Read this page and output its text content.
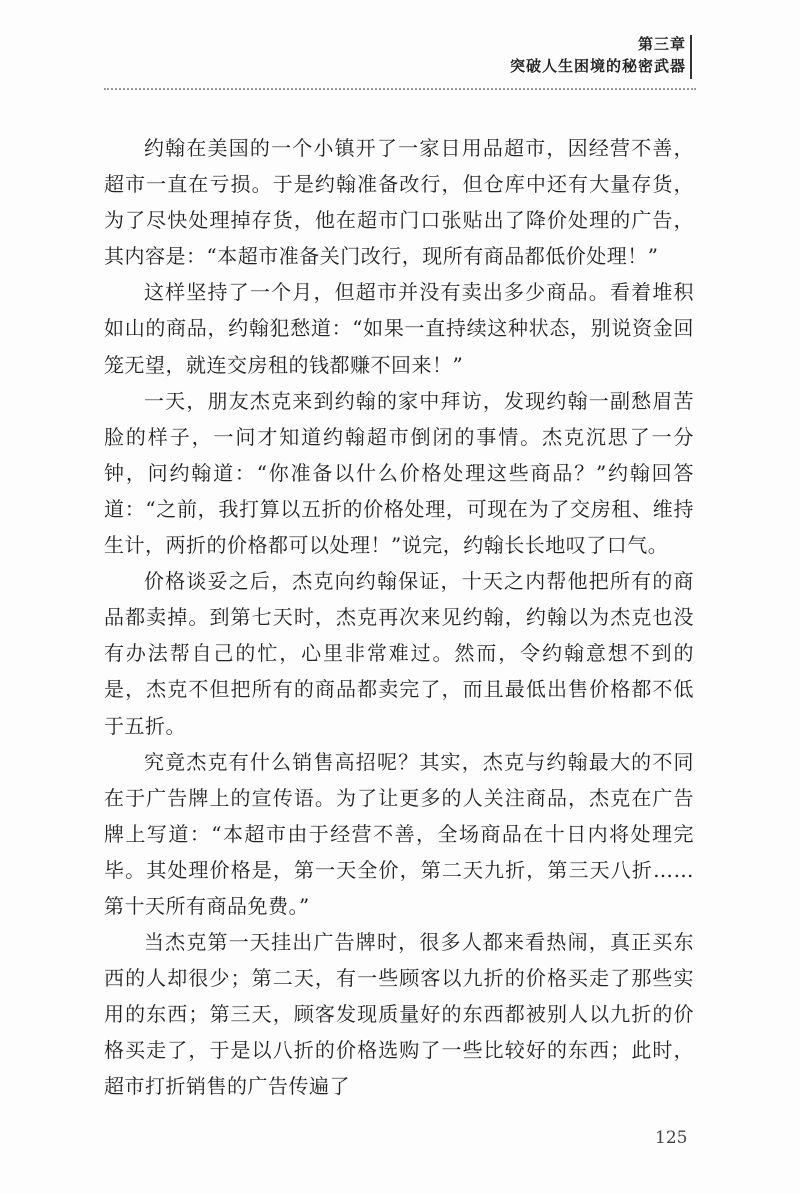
第三章
突破人生困境的秘密武器

约翰在美国的一个小镇开了一家日用品超市，因经营不善，超市一直在亏损。于是约翰准备改行，但仓库中还有大量存货，为了尽快处理掉存货，他在超市门口张贴出了降价处理的广告，其内容是：“本超市准备关门改行，现所有商品都低价处理！”

这样坚持了一个月，但超市并没有卖出多少商品。看着堆积如山的商品，约翰犯愁道：“如果一直持续这种状态，别说资金回笼无望，就连交房租的钱都赚不回来！”

一天，朋友杰克来到约翰的家中拜访，发现约翰一副愁眉苦脸的样子，一问才知道约翰超市倒闭的事情。杰克沉思了一分钟，问约翰道：“你准备以什么价格处理这些商品？”约翰回答道：“之前，我打算以五折的价格处理，可现在为了交房租、维持生计，两折的价格都可以处理！”说完，约翰长长地叹了口气。

价格谈妥之后，杰克向约翰保证，十天之内帮他把所有的商品都卖掉。到第七天时，杰克再次来见约翰，约翰以为杰克也没有办法帮自己的忙，心里非常难过。然而，令约翰意想不到的是，杰克不但把所有的商品都卖完了，而且最低出售价格都不低于五折。

究竟杰克有什么销售高招呢？其实，杰克与约翰最大的不同在于广告牌上的宣传语。为了让更多的人关注商品，杰克在广告牌上写道：“本超市由于经营不善，全场商品在十日内将处理完毕。其处理价格是，第一天全价，第二天九折，第三天八折……第十天所有商品免费。”

当杰克第一天挂出广告牌时，很多人都来看热闹，真正买东西的人却很少；第二天，有一些顾客以九折的价格买走了那些实用的东西；第三天，顾客发现质量好的东西都被别人以九折的价格买走了，于是以八折的价格选购了一些比较好的东西；此时，超市打折销售的广告传遍了

125
